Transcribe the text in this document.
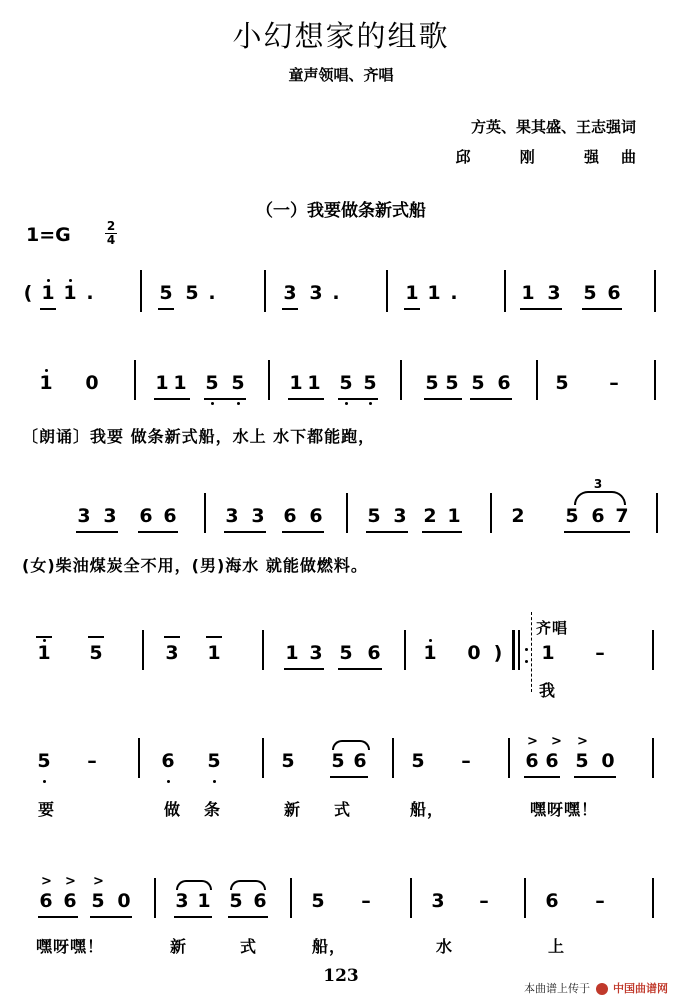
小幻想家的组歌
童声领唱、齐唱
方英、果其盛、王志强词
邱 刚 强曲
（一）我要做条新式船
1=G	2
4
( 1 1 .	5 5 .	3 3 .	1 1 .	1 3 5 6
1 0	1 1 5 5 1 1 5 5	5 5 5 6 5 –
3 3 6 6	3 3 6 6 5 3 2 1	2 5 6 7
3
1 5	3 1	1 3 5 6 1 0 ) 1 –
5 –	6 5	5 5 6 5 –	6 6 5 0
> > >
6 6 5 0
> > >
3 1 5 6 5 –	3 –	6 –
〔朗诵〕我要 做条新式船，水上 水下都能跑，
(女)柴油煤炭全不用，(男)海水 就能做燃料。
齐唱
我
要	做 条	新 式	船，	嘿呀嘿！
嘿呀嘿！	新	式	船，	水	上
123
本曲谱上传于 中国曲谱网
